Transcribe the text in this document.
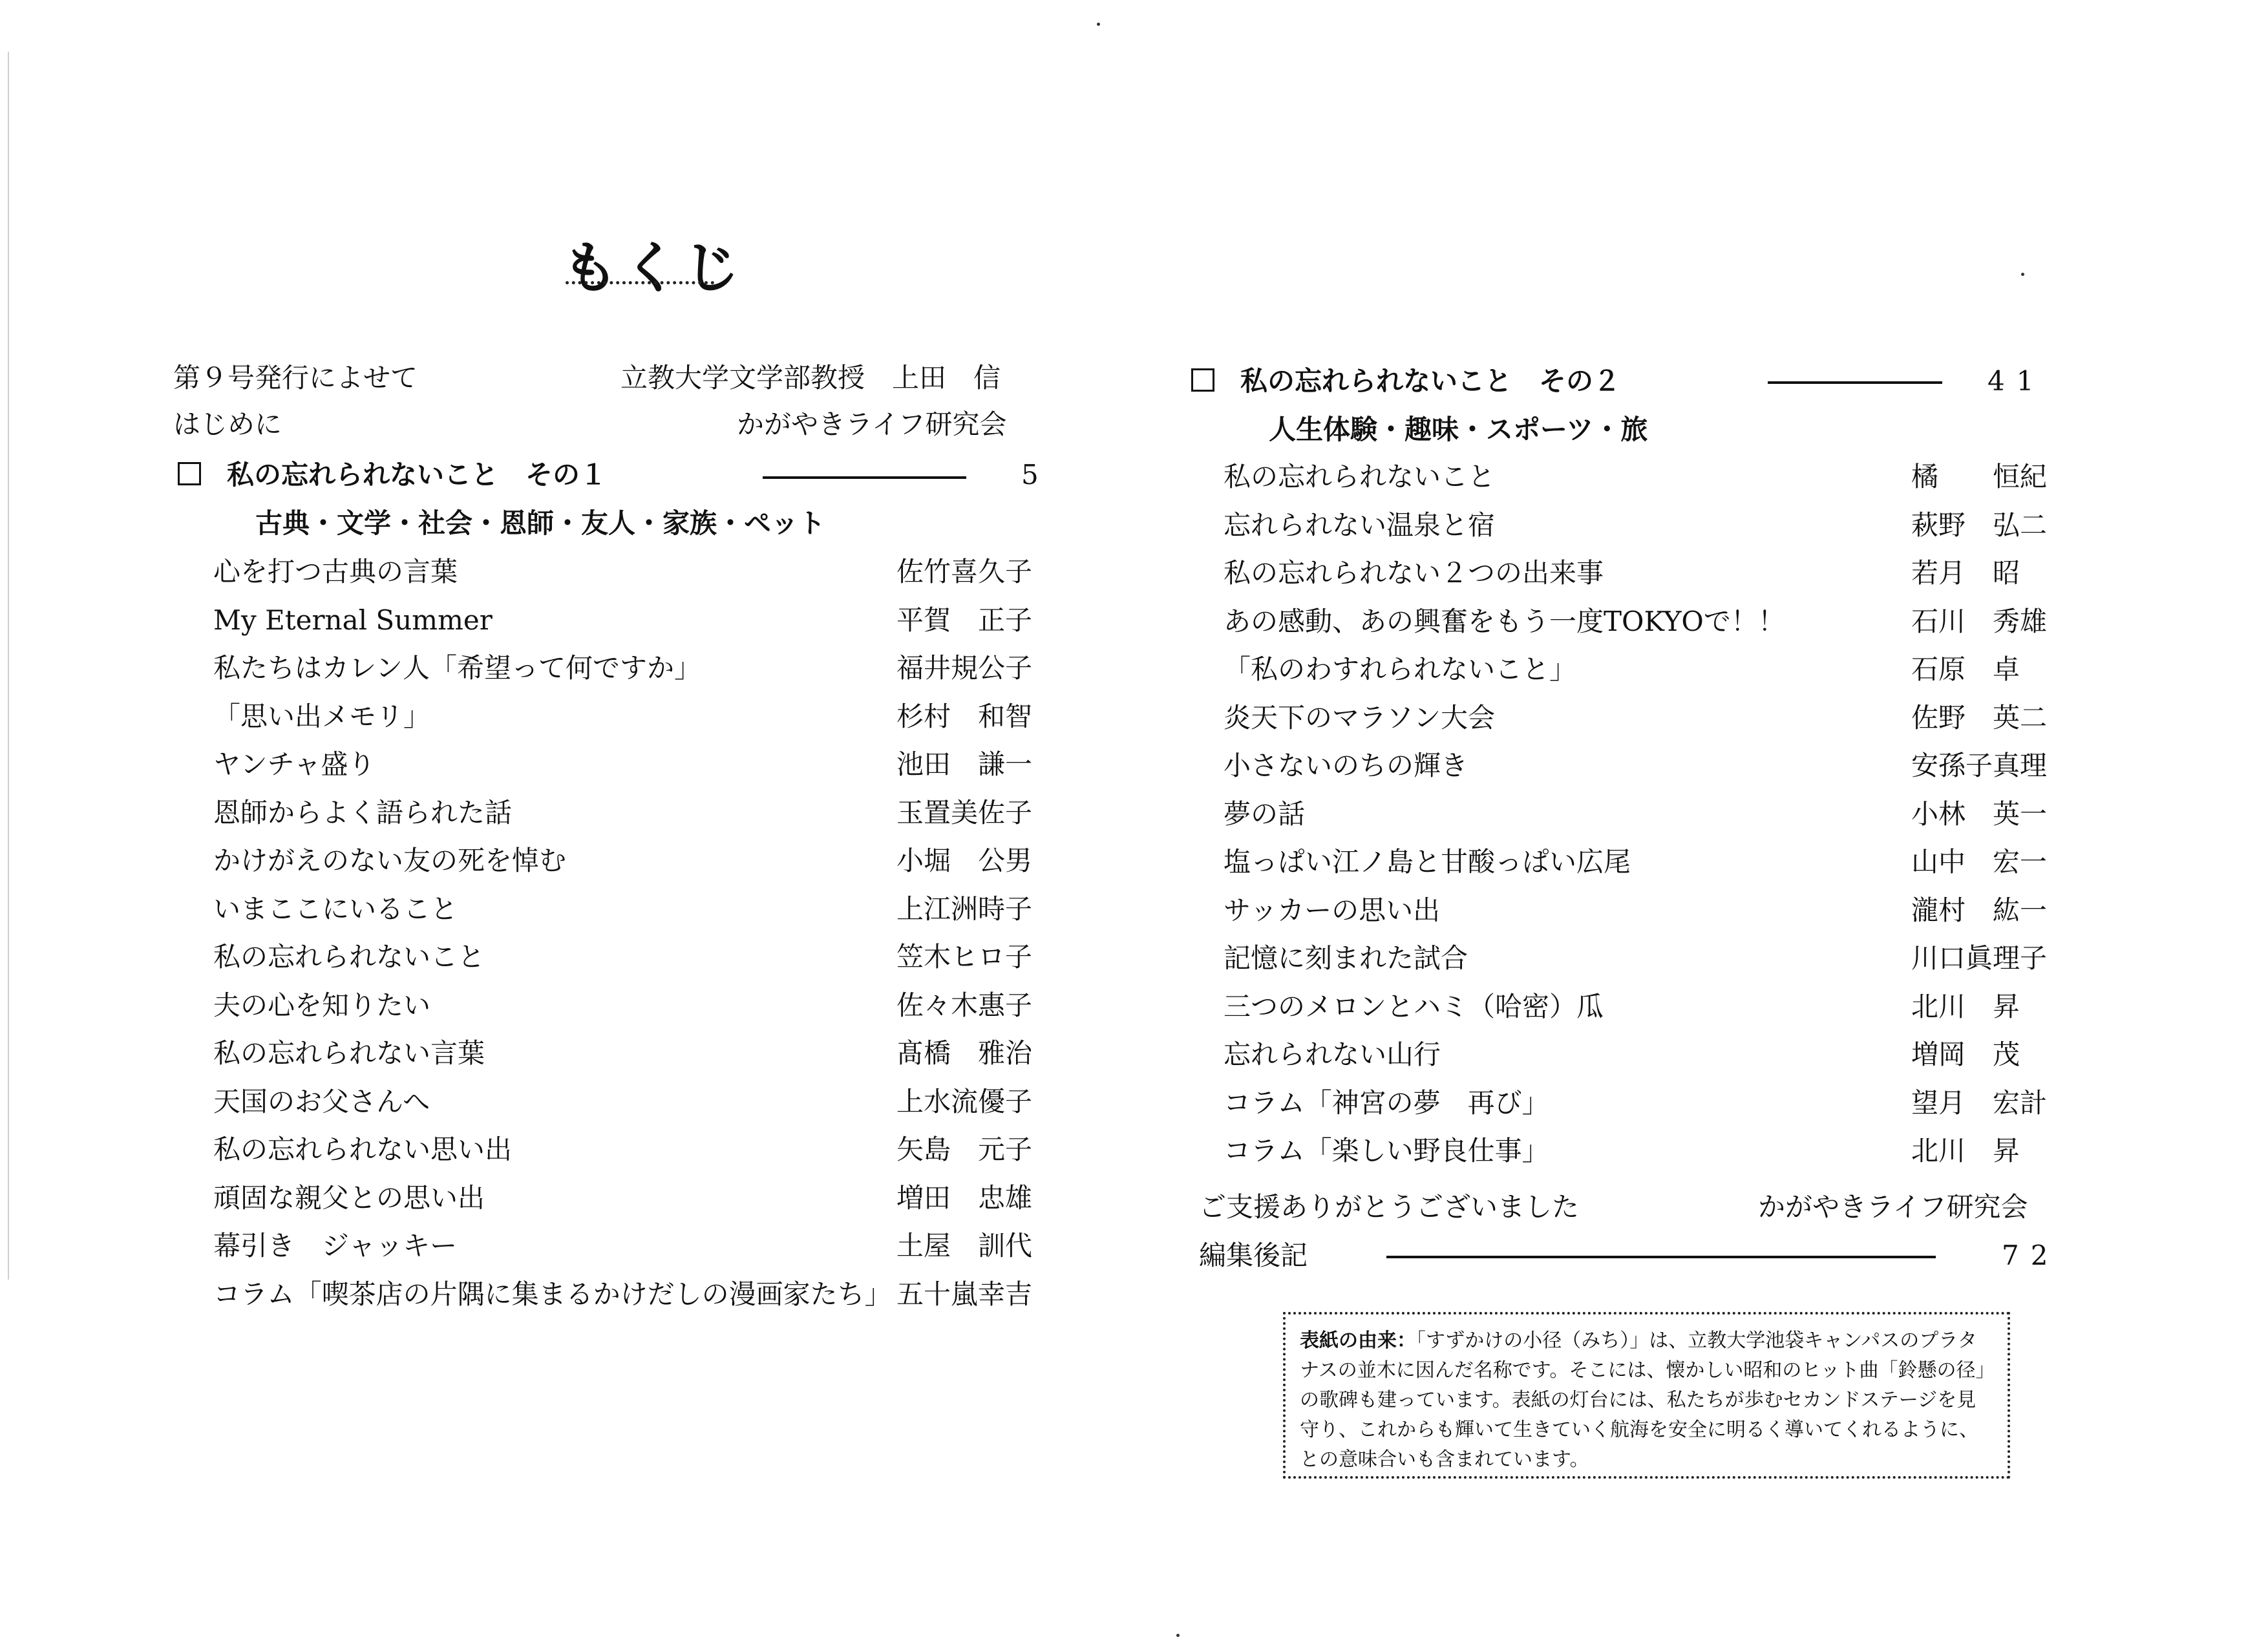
もくじ
第９号発行によせて	立教大学文学部教授　上田　信
はじめに	かがやきライフ研究会
私の忘れられないこと　その１	5
古典・文学・社会・恩師・友人・家族・ペット
心を打つ古典の言葉	佐竹喜久子
My Eternal Summer	平賀　正子
私たちはカレン人「希望って何ですか」	福井規公子
「思い出メモリ」	杉村　和智
ヤンチャ盛り	池田　謙一
恩師からよく語られた話	玉置美佐子
かけがえのない友の死を悼む	小堀　公男
いまここにいること	上江洲時子
私の忘れられないこと	笠木ヒロ子
夫の心を知りたい	佐々木惠子
私の忘れられない言葉	髙橋　雅治
天国のお父さんへ	上水流優子
私の忘れられない思い出	矢島　元子
頑固な親父との思い出	増田　忠雄
幕引き　ジャッキー	土屋　訓代
コラム「喫茶店の片隅に集まるかけだしの漫画家たち」 五十嵐幸吉
私の忘れられないこと　その２	41
人生体験・趣味・スポーツ・旅
私の忘れられないこと	橘　　恒紀
忘れられない温泉と宿	萩野　弘二
私の忘れられない２つの出来事	若月　昭
あの感動、あの興奮をもう一度TOKYOで！！	石川　秀雄
「私のわすれられないこと」	石原　卓
炎天下のマラソン大会	佐野　英二
小さないのちの輝き	安孫子真理
夢の話	小林　英一
塩っぱい江ノ島と甘酸っぱい広尾	山中　宏一
サッカーの思い出	瀧村　紘一
記憶に刻まれた試合	川口眞理子
三つのメロンとハミ（哈密）瓜	北川　昇
忘れられない山行	増岡　茂
コラム「神宮の夢　再び」	望月　宏計
コラム「楽しい野良仕事」	北川　昇
ご支援ありがとうございました	かがやきライフ研究会
編集後記	72
表紙の由来：「すずかけの小径（みち）」は、立教大学池袋キャンパスのプラタナスの並木に因んだ名称です。そこには、懐かしい昭和のヒット曲「鈴懸の径」の歌碑も建っています。表紙の灯台には、私たちが歩むセカンドステージを見守り、これからも輝いて生きていく航海を安全に明るく導いてくれるように、との意味合いも含まれています。
